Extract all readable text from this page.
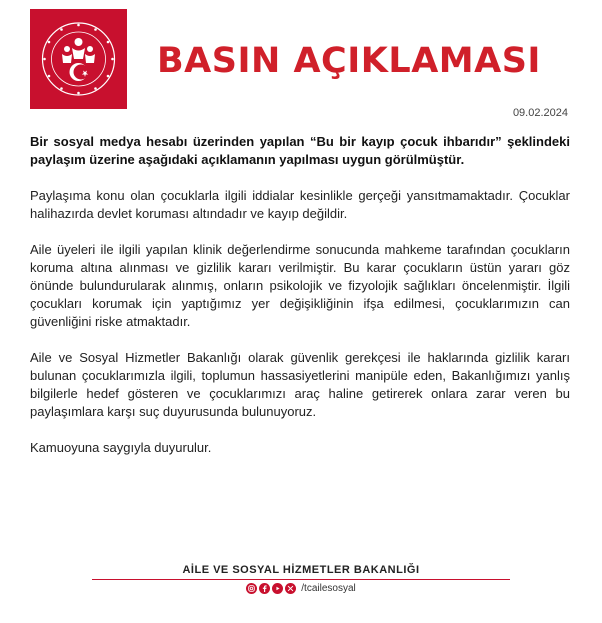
BASIN AÇIKLAMASI
09.02.2024

Bir sosyal medya hesabı üzerinden yapılan “Bu bir kayıp çocuk ihbarıdır” şeklindeki paylaşım üzerine aşağıdaki açıklamanın yapılması uygun görülmüştür.

Paylaşıma konu olan çocuklarla ilgili iddialar kesinlikle gerçeği yansıtmamaktadır. Çocuklar halihazırda devlet koruması altındadır ve kayıp değildir.

Aile üyeleri ile ilgili yapılan klinik değerlendirme sonucunda mahkeme tarafından çocukların koruma altına alınması ve gizlilik kararı verilmiştir. Bu karar çocukların üstün yararı göz önünde bulundurularak alınmış, onların psikolojik ve fizyolojik sağlıkları öncelenmiştir. İlgili çocukları korumak için yaptığımız yer değişikliğinin ifşa edilmesi, çocuklarımızın can güvenliğini riske atmaktadır.

Aile ve Sosyal Hizmetler Bakanlığı olarak güvenlik gerekçesi ile haklarında gizlilik kararı bulunan çocuklarımızla ilgili, toplumun hassasiyetlerini manipüle eden, Bakanlığımızı yanlış bilgilerle hedef gösteren ve çocuklarımızı araç haline getirerek onlara zarar veren bu paylaşımlara karşı suç duyurusunda bulunuyoruz.

Kamuoyuna saygıyla duyurulur.

AİLE VE SOSYAL HİZMETLER BAKANLIĞI
/tcailesosyal
